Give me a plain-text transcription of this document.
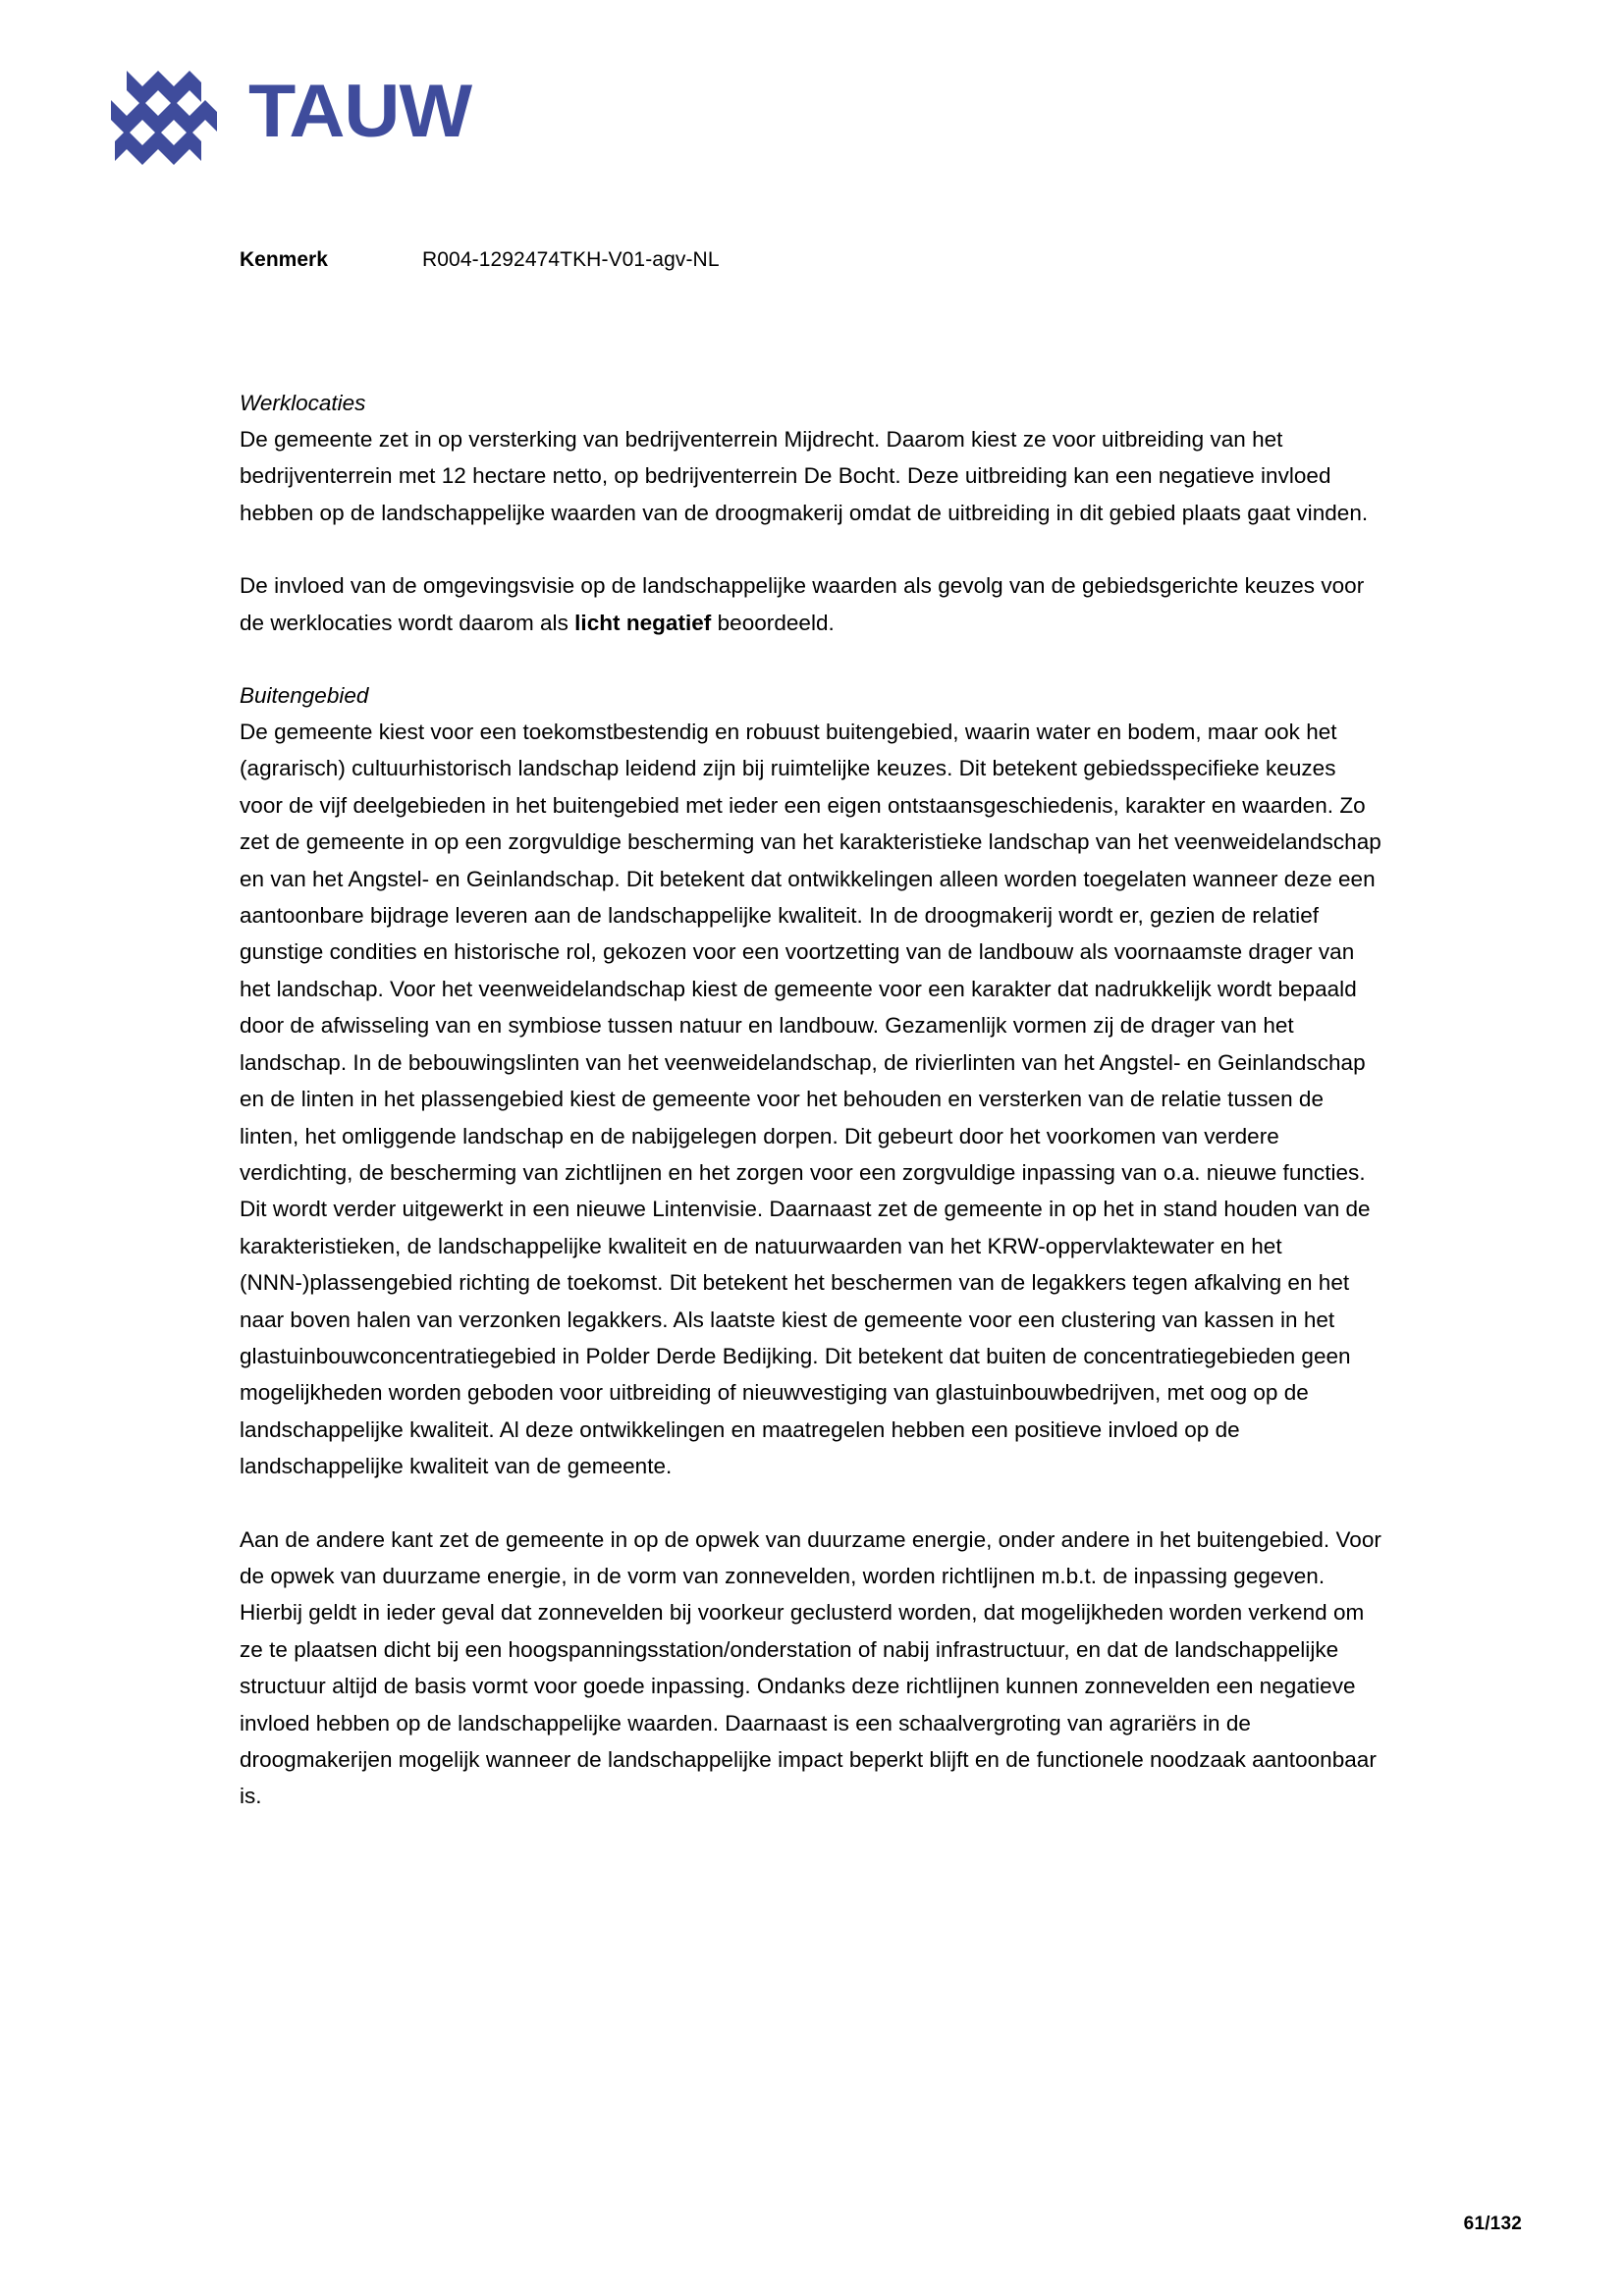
TAUW
Kenmerk	R004-1292474TKH-V01-agv-NL
Werklocaties

De gemeente zet in op versterking van bedrijventerrein Mijdrecht. Daarom kiest ze voor uitbreiding van het bedrijventerrein met 12 hectare netto, op bedrijventerrein De Bocht. Deze uitbreiding kan een negatieve invloed hebben op de landschappelijke waarden van de droogmakerij omdat de uitbreiding in dit gebied plaats gaat vinden.

De invloed van de omgevingsvisie op de landschappelijke waarden als gevolg van de gebiedsgerichte keuzes voor de werklocaties wordt daarom als licht negatief beoordeeld.

Buitengebied

De gemeente kiest voor een toekomstbestendig en robuust buitengebied, waarin water en bodem, maar ook het (agrarisch) cultuurhistorisch landschap leidend zijn bij ruimtelijke keuzes. Dit betekent gebiedsspecifieke keuzes voor de vijf deelgebieden in het buitengebied met ieder een eigen ontstaansgeschiedenis, karakter en waarden. Zo zet de gemeente in op een zorgvuldige bescherming van het karakteristieke landschap van het veenweidelandschap en van het Angstel- en Geinlandschap. Dit betekent dat ontwikkelingen alleen worden toegelaten wanneer deze een aantoonbare bijdrage leveren aan de landschappelijke kwaliteit. In de droogmakerij wordt er, gezien de relatief gunstige condities en historische rol, gekozen voor een voortzetting van de landbouw als voornaamste drager van het landschap. Voor het veenweidelandschap kiest de gemeente voor een karakter dat nadrukkelijk wordt bepaald door de afwisseling van en symbiose tussen natuur en landbouw. Gezamenlijk vormen zij de drager van het landschap. In de bebouwingslinten van het veenweidelandschap, de rivierlinten van het Angstel- en Geinlandschap en de linten in het plassengebied kiest de gemeente voor het behouden en versterken van de relatie tussen de linten, het omliggende landschap en de nabijgelegen dorpen. Dit gebeurt door het voorkomen van verdere verdichting, de bescherming van zichtlijnen en het zorgen voor een zorgvuldige inpassing van o.a. nieuwe functies. Dit wordt verder uitgewerkt in een nieuwe Lintenvisie. Daarnaast zet de gemeente in op het in stand houden van de karakteristieken, de landschappelijke kwaliteit en de natuurwaarden van het KRW-oppervlaktewater en het (NNN-)plassengebied richting de toekomst. Dit betekent het beschermen van de legakkers tegen afkalving en het naar boven halen van verzonken legakkers. Als laatste kiest de gemeente voor een clustering van kassen in het glastuinbouwconcentratiegebied in Polder Derde Bedijking. Dit betekent dat buiten de concentratiegebieden geen mogelijkheden worden geboden voor uitbreiding of nieuwvestiging van glastuinbouwbedrijven, met oog op de landschappelijke kwaliteit. Al deze ontwikkelingen en maatregelen hebben een positieve invloed op de landschappelijke kwaliteit van de gemeente.

Aan de andere kant zet de gemeente in op de opwek van duurzame energie, onder andere in het buitengebied. Voor de opwek van duurzame energie, in de vorm van zonnevelden, worden richtlijnen m.b.t. de inpassing gegeven. Hierbij geldt in ieder geval dat zonnevelden bij voorkeur geclusterd worden, dat mogelijkheden worden verkend om ze te plaatsen dicht bij een hoogspanningsstation/onderstation of nabij infrastructuur, en dat de landschappelijke structuur altijd de basis vormt voor goede inpassing. Ondanks deze richtlijnen kunnen zonnevelden een negatieve invloed hebben op de landschappelijke waarden. Daarnaast is een schaalvergroting van agrariërs in de droogmakerijen mogelijk wanneer de landschappelijke impact beperkt blijft en de functionele noodzaak aantoonbaar is.

61/132
